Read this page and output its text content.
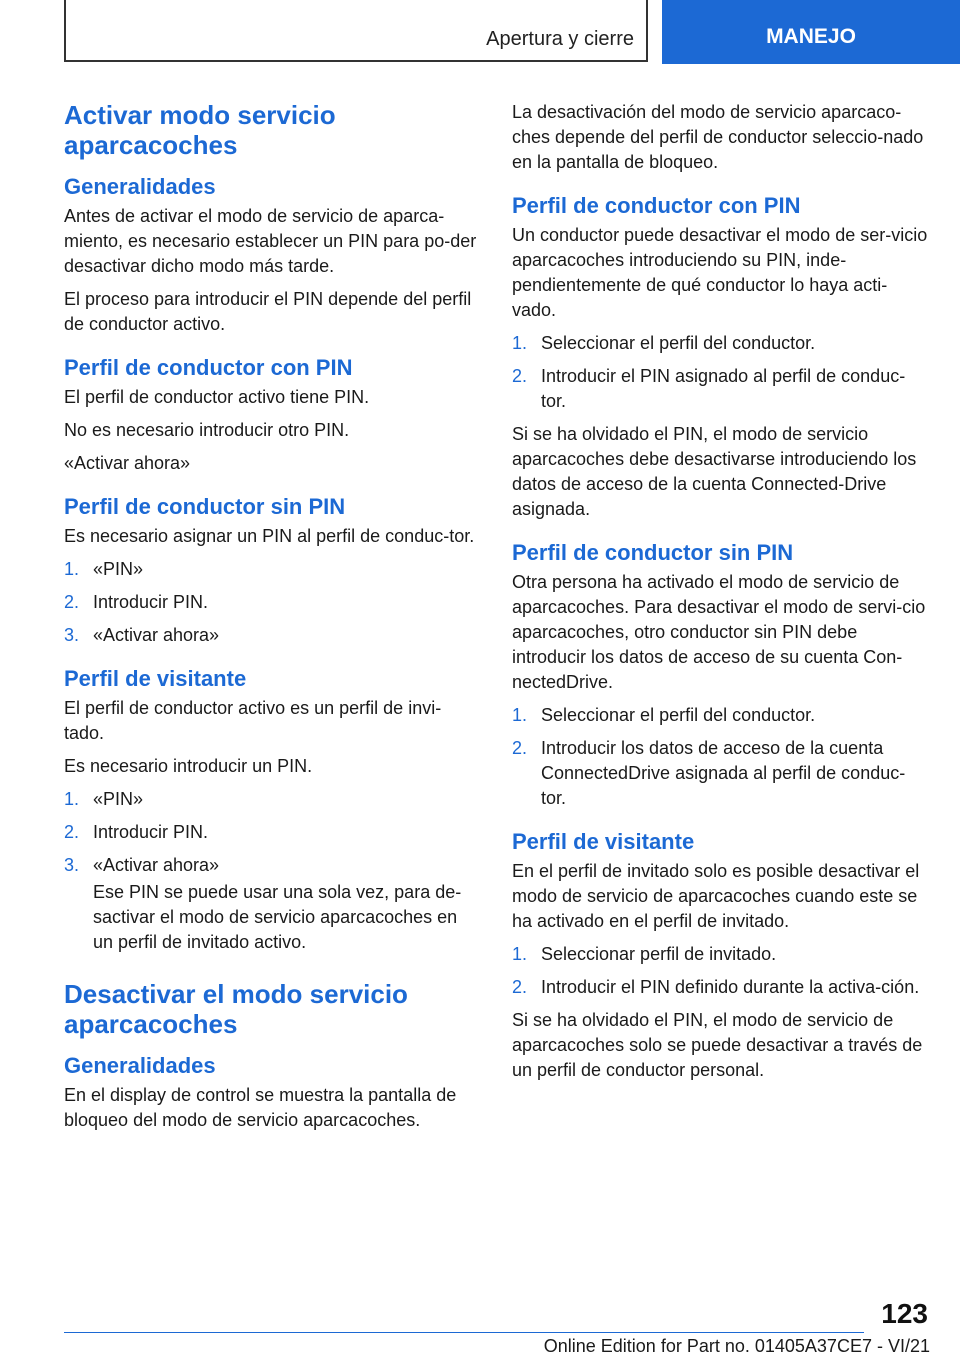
Apertura y cierre	MANEJO
Activar modo servicio aparcacoches
Generalidades

Antes de activar el modo de servicio de aparca-miento, es necesario establecer un PIN para po-der desactivar dicho modo más tarde.

El proceso para introducir el PIN depende del perfil de conductor activo.

Perfil de conductor con PIN

El perfil de conductor activo tiene PIN.

No es necesario introducir otro PIN.

«Activar ahora»

Perfil de conductor sin PIN

Es necesario asignar un PIN al perfil de conduc-tor.

1. «PIN»
2. Introducir PIN.
3. «Activar ahora»
Perfil de visitante

El perfil de conductor activo es un perfil de invi-tado.

Es necesario introducir un PIN.

1. «PIN»
2. Introducir PIN.
3. «Activar ahora»
Ese PIN se puede usar una sola vez, para de-sactivar el modo de servicio aparcacoches en un perfil de invitado activo.
Desactivar el modo servicio aparcacoches
Generalidades

En el display de control se muestra la pantalla de bloqueo del modo de servicio aparcacoches.

La desactivación del modo de servicio aparcaco-ches depende del perfil de conductor seleccio-nado en la pantalla de bloqueo.

Perfil de conductor con PIN

Un conductor puede desactivar el modo de ser-vicio aparcacoches introduciendo su PIN, inde-pendientemente de qué conductor lo haya acti-vado.

1. Seleccionar el perfil del conductor.
2. Introducir el PIN asignado al perfil de conduc-tor.

Si se ha olvidado el PIN, el modo de servicio aparcacoches debe desactivarse introduciendo los datos de acceso de la cuenta Connected-Drive asignada.

Perfil de conductor sin PIN

Otra persona ha activado el modo de servicio de aparcacoches. Para desactivar el modo de servi-cio aparcacoches, otro conductor sin PIN debe introducir los datos de acceso de su cuenta Con-nectedDrive.

1. Seleccionar el perfil del conductor.
2. Introducir los datos de acceso de la cuenta ConnectedDrive asignada al perfil de conduc-tor.
Perfil de visitante

En el perfil de invitado solo es posible desactivar el modo de servicio de aparcacoches cuando este se ha activado en el perfil de invitado.

1. Seleccionar perfil de invitado.
2. Introducir el PIN definido durante la activa-ción.

Si se ha olvidado el PIN, el modo de servicio de aparcacoches solo se puede desactivar a través de un perfil de conductor personal.

123
Online Edition for Part no. 01405A37CE7 - VI/21
